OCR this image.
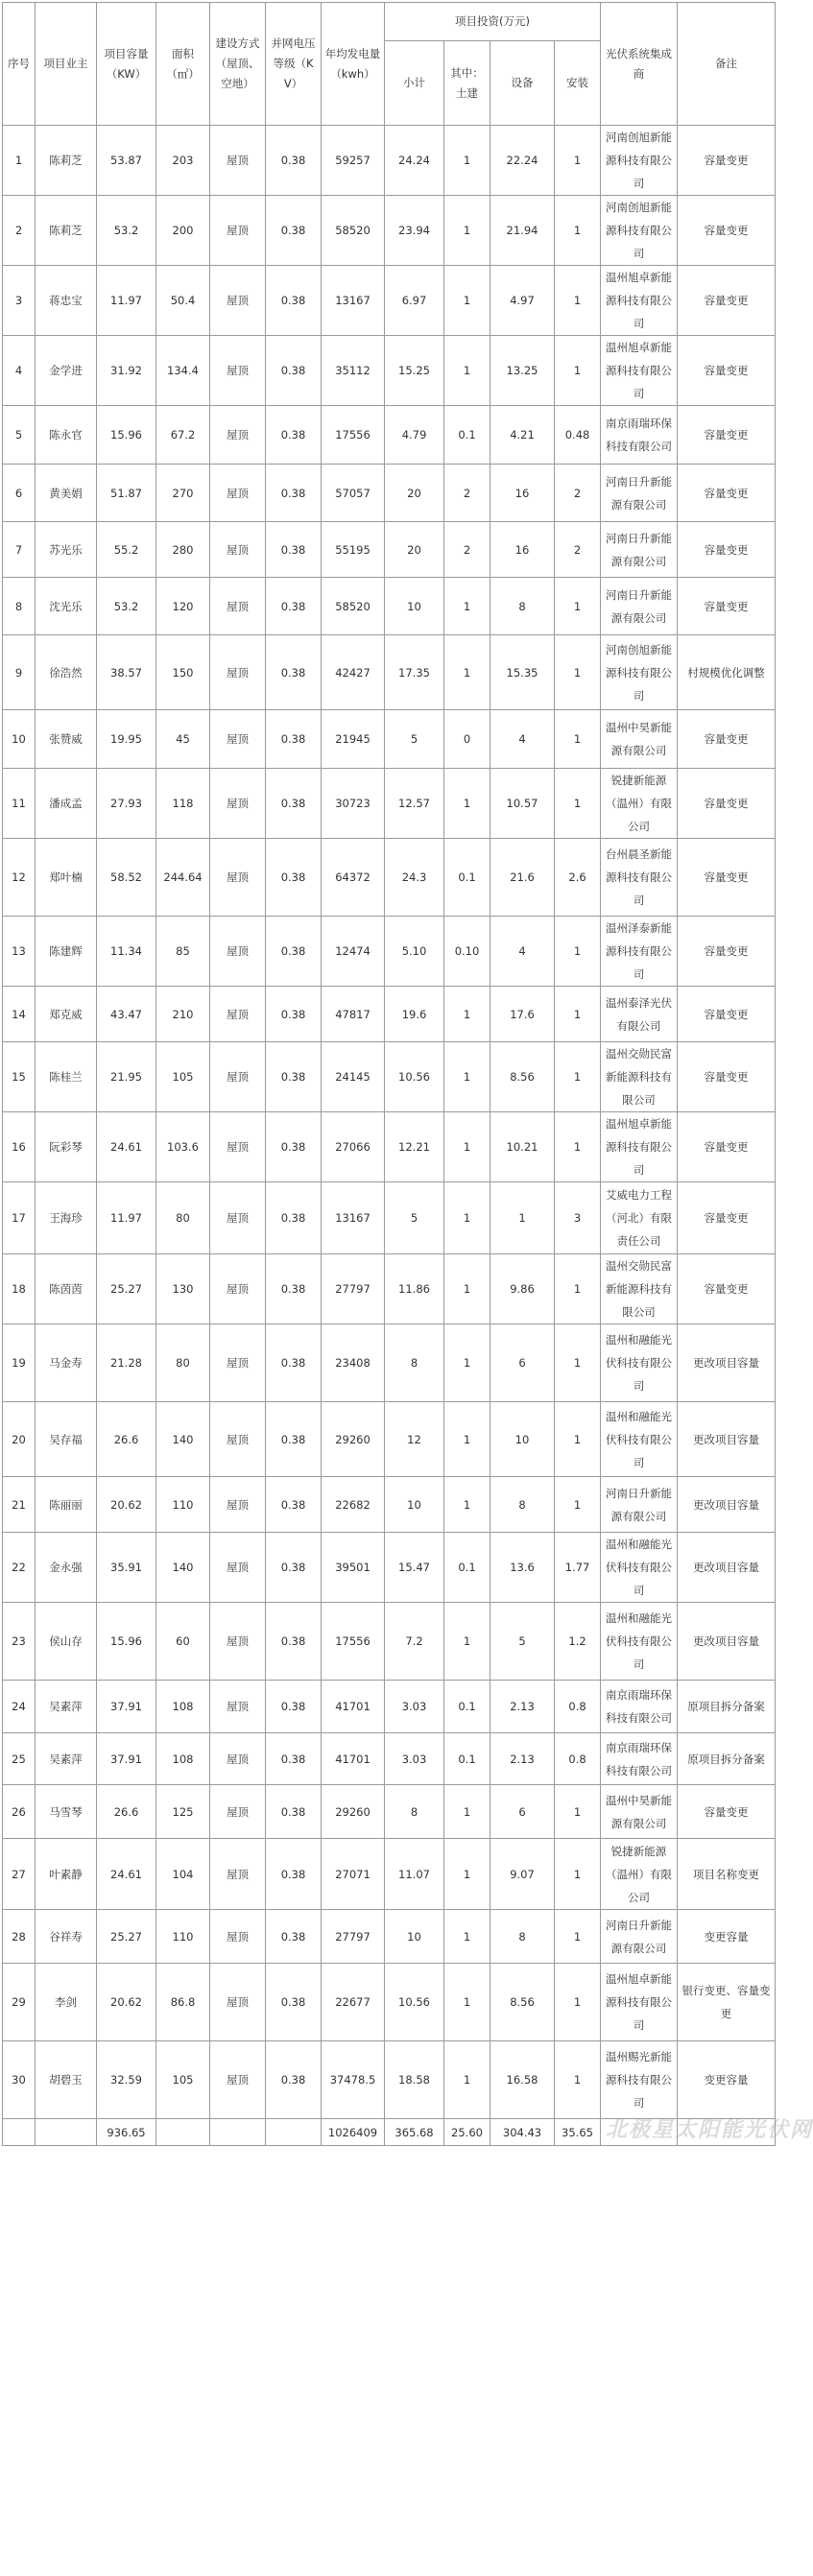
序号	项目业主	项目容量（KW）	面积（㎡）	建设方式（屋顶、空地）	并网电压等级（KV）	年均发电量（kwh）	项目投资(万元)				光伏系统集成商	备注
							小计	其中：土建	设备	安装		
1	陈莉芝	53.87	203	屋顶	0.38	59257	24.24	1	22.24	1	河南创旭新能源科技有限公司	容量变更
2	陈莉芝	53.2	200	屋顶	0.38	58520	23.94	1	21.94	1	河南创旭新能源科技有限公司	容量变更
3	蒋忠宝	11.97	50.4	屋顶	0.38	13167	6.97	1	4.97	1	温州旭卓新能源科技有限公司	容量变更
4	金学进	31.92	134.4	屋顶	0.38	35112	15.25	1	13.25	1	温州旭卓新能源科技有限公司	容量变更
5	陈永官	15.96	67.2	屋顶	0.38	17556	4.79	0.1	4.21	0.48	南京雨瑞环保科技有限公司	容量变更
6	黄美娟	51.87	270	屋顶	0.38	57057	20	2	16	2	河南日升新能源有限公司	容量变更
7	苏光乐	55.2	280	屋顶	0.38	55195	20	2	16	2	河南日升新能源有限公司	容量变更
8	沈光乐	53.2	120	屋顶	0.38	58520	10	1	8	1	河南日升新能源有限公司	容量变更
9	徐浩然	38.57	150	屋顶	0.38	42427	17.35	1	15.35	1	河南创旭新能源科技有限公司	村规模优化调整
10	张赞威	19.95	45	屋顶	0.38	21945	5	0	4	1	温州中昊新能源有限公司	容量变更
11	潘成孟	27.93	118	屋顶	0.38	30723	12.57	1	10.57	1	锐捷新能源（温州）有限公司	容量变更
12	郑叶楠	58.52	244.64	屋顶	0.38	64372	24.3	0.1	21.6	2.6	台州晨圣新能源科技有限公司	容量变更
13	陈建辉	11.34	85	屋顶	0.38	12474	5.10	0.10	4	1	温州泽泰新能源科技有限公司	容量变更
14	郑克威	43.47	210	屋顶	0.38	47817	19.6	1	17.6	1	温州泰泽光伏有限公司	容量变更
15	陈桂兰	21.95	105	屋顶	0.38	24145	10.56	1	8.56	1	温州交勋民富新能源科技有限公司	容量变更
16	阮彩琴	24.61	103.6	屋顶	0.38	27066	12.21	1	10.21	1	温州旭卓新能源科技有限公司	容量变更
17	王海珍	11.97	80	屋顶	0.38	13167	5	1	1	3	艾威电力工程（河北）有限责任公司	容量变更
18	陈茵茵	25.27	130	屋顶	0.38	27797	11.86	1	9.86	1	温州交勋民富新能源科技有限公司	容量变更
19	马金寿	21.28	80	屋顶	0.38	23408	8	1	6	1	温州和融能光伏科技有限公司	更改项目容量
20	吴存福	26.6	140	屋顶	0.38	29260	12	1	10	1	温州和融能光伏科技有限公司	更改项目容量
21	陈丽丽	20.62	110	屋顶	0.38	22682	10	1	8	1	河南日升新能源有限公司	更改项目容量
22	金永强	35.91	140	屋顶	0.38	39501	15.47	0.1	13.6	1.77	温州和融能光伏科技有限公司	更改项目容量
23	侯山存	15.96	60	屋顶	0.38	17556	7.2	1	5	1.2	温州和融能光伏科技有限公司	更改项目容量
24	吴素萍	37.91	108	屋顶	0.38	41701	3.03	0.1	2.13	0.8	南京雨瑞环保科技有限公司	原项目拆分备案
25	吴素萍	37.91	108	屋顶	0.38	41701	3.03	0.1	2.13	0.8	南京雨瑞环保科技有限公司	原项目拆分备案
26	马雪琴	26.6	125	屋顶	0.38	29260	8	1	6	1	温州中昊新能源有限公司	容量变更
27	叶素静	24.61	104	屋顶	0.38	27071	11.07	1	9.07	1	锐捷新能源（温州）有限公司	项目名称变更
28	谷祥寿	25.27	110	屋顶	0.38	27797	10	1	8	1	河南日升新能源有限公司	变更容量
29	李剑	20.62	86.8	屋顶	0.38	22677	10.56	1	8.56	1	温州旭卓新能源科技有限公司	银行变更、容量变更
30	胡碧玉	32.59	105	屋顶	0.38	37478.5	18.58	1	16.58	1	温州赐光新能源科技有限公司	变更容量
		936.65				1026409	365.68	25.60	304.43	35.65		北极星太阳能光伏网
